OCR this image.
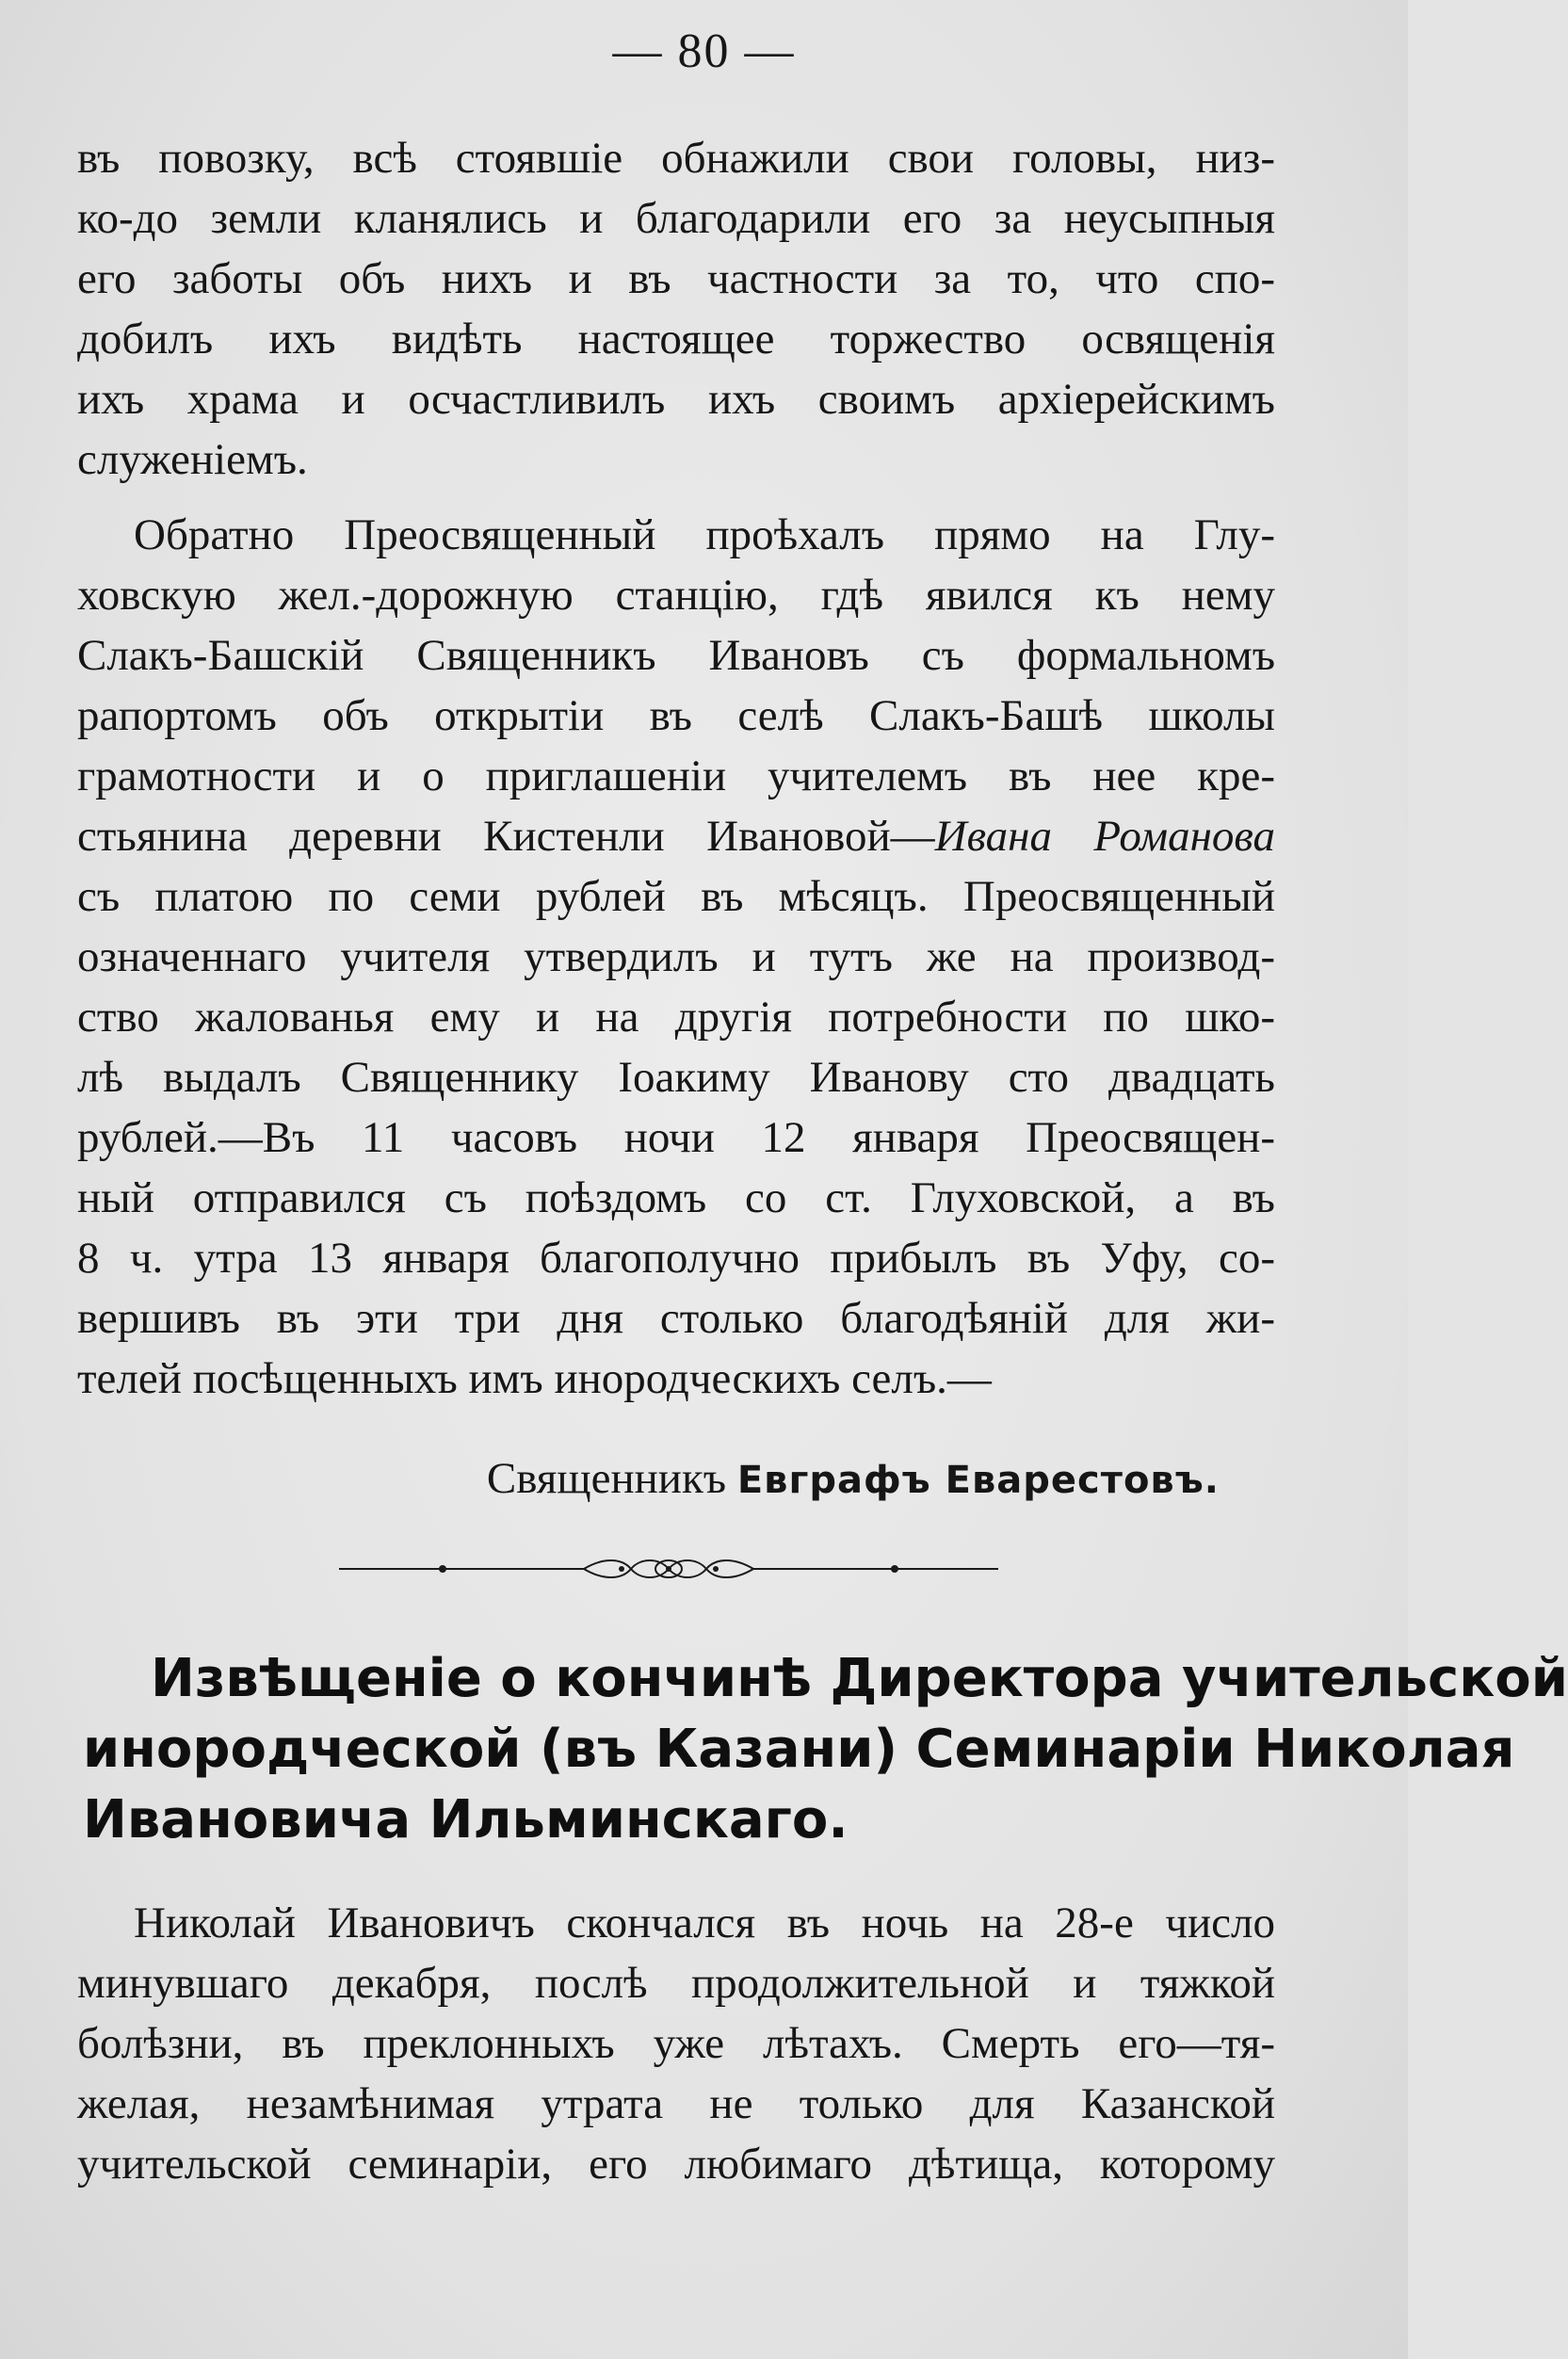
— 80 —
въ повозку, всѣ стоявшіе обнажили свои головы, низ-
ко-до земли кланялись и благодарили его за неусыпныя
его заботы объ нихъ и въ частности за то, что спо-
добилъ ихъ видѣть настоящее торжество освященія
ихъ храма и осчастливилъ ихъ своимъ архіерейскимъ
служеніемъ.
Обратно Преосвященный проѣхалъ прямо на Глу-
ховскую жел.-дорожную станцію, гдѣ явился къ нему
Слакъ-Башскій Священникъ Ивановъ съ формальномъ
рапортомъ объ открытіи въ селѣ Слакъ-Башѣ школы
грамотности и о приглашеніи учителемъ въ нее кре-
стьянина деревни Кистенли Ивановой—Ивана Романова
съ платою по семи рублей въ мѣсяцъ. Преосвященный
означеннаго учителя утвердилъ и тутъ же на производ-
ство жалованья ему и на другія потребности по шко-
лѣ выдалъ Священнику Іоакиму Иванову сто двадцать
рублей.—Въ 11 часовъ ночи 12 января Преосвящен-
ный отправился съ поѣздомъ со ст. Глуховской, а въ
8 ч. утра 13 января благополучно прибылъ въ Уфу, со-
вершивъ въ эти три дня столько благодѣяній для жи-
телей посѣщенныхъ имъ инородческихъ селъ.—
Священникъ Евграфъ Еварестовъ.
Извѣщеніе о кончинѣ Директора учительской
инородческой (въ Казани) Семинаріи Николая
Ивановича Ильминскаго.
Николай Ивановичъ скончался въ ночь на 28-е число
минувшаго декабря, послѣ продолжительной и тяжкой
болѣзни, въ преклонныхъ уже лѣтахъ. Смерть его—тя-
желая, незамѣнимая утрата не только для Казанской
учительской семинаріи, его любимаго дѣтища, которому
